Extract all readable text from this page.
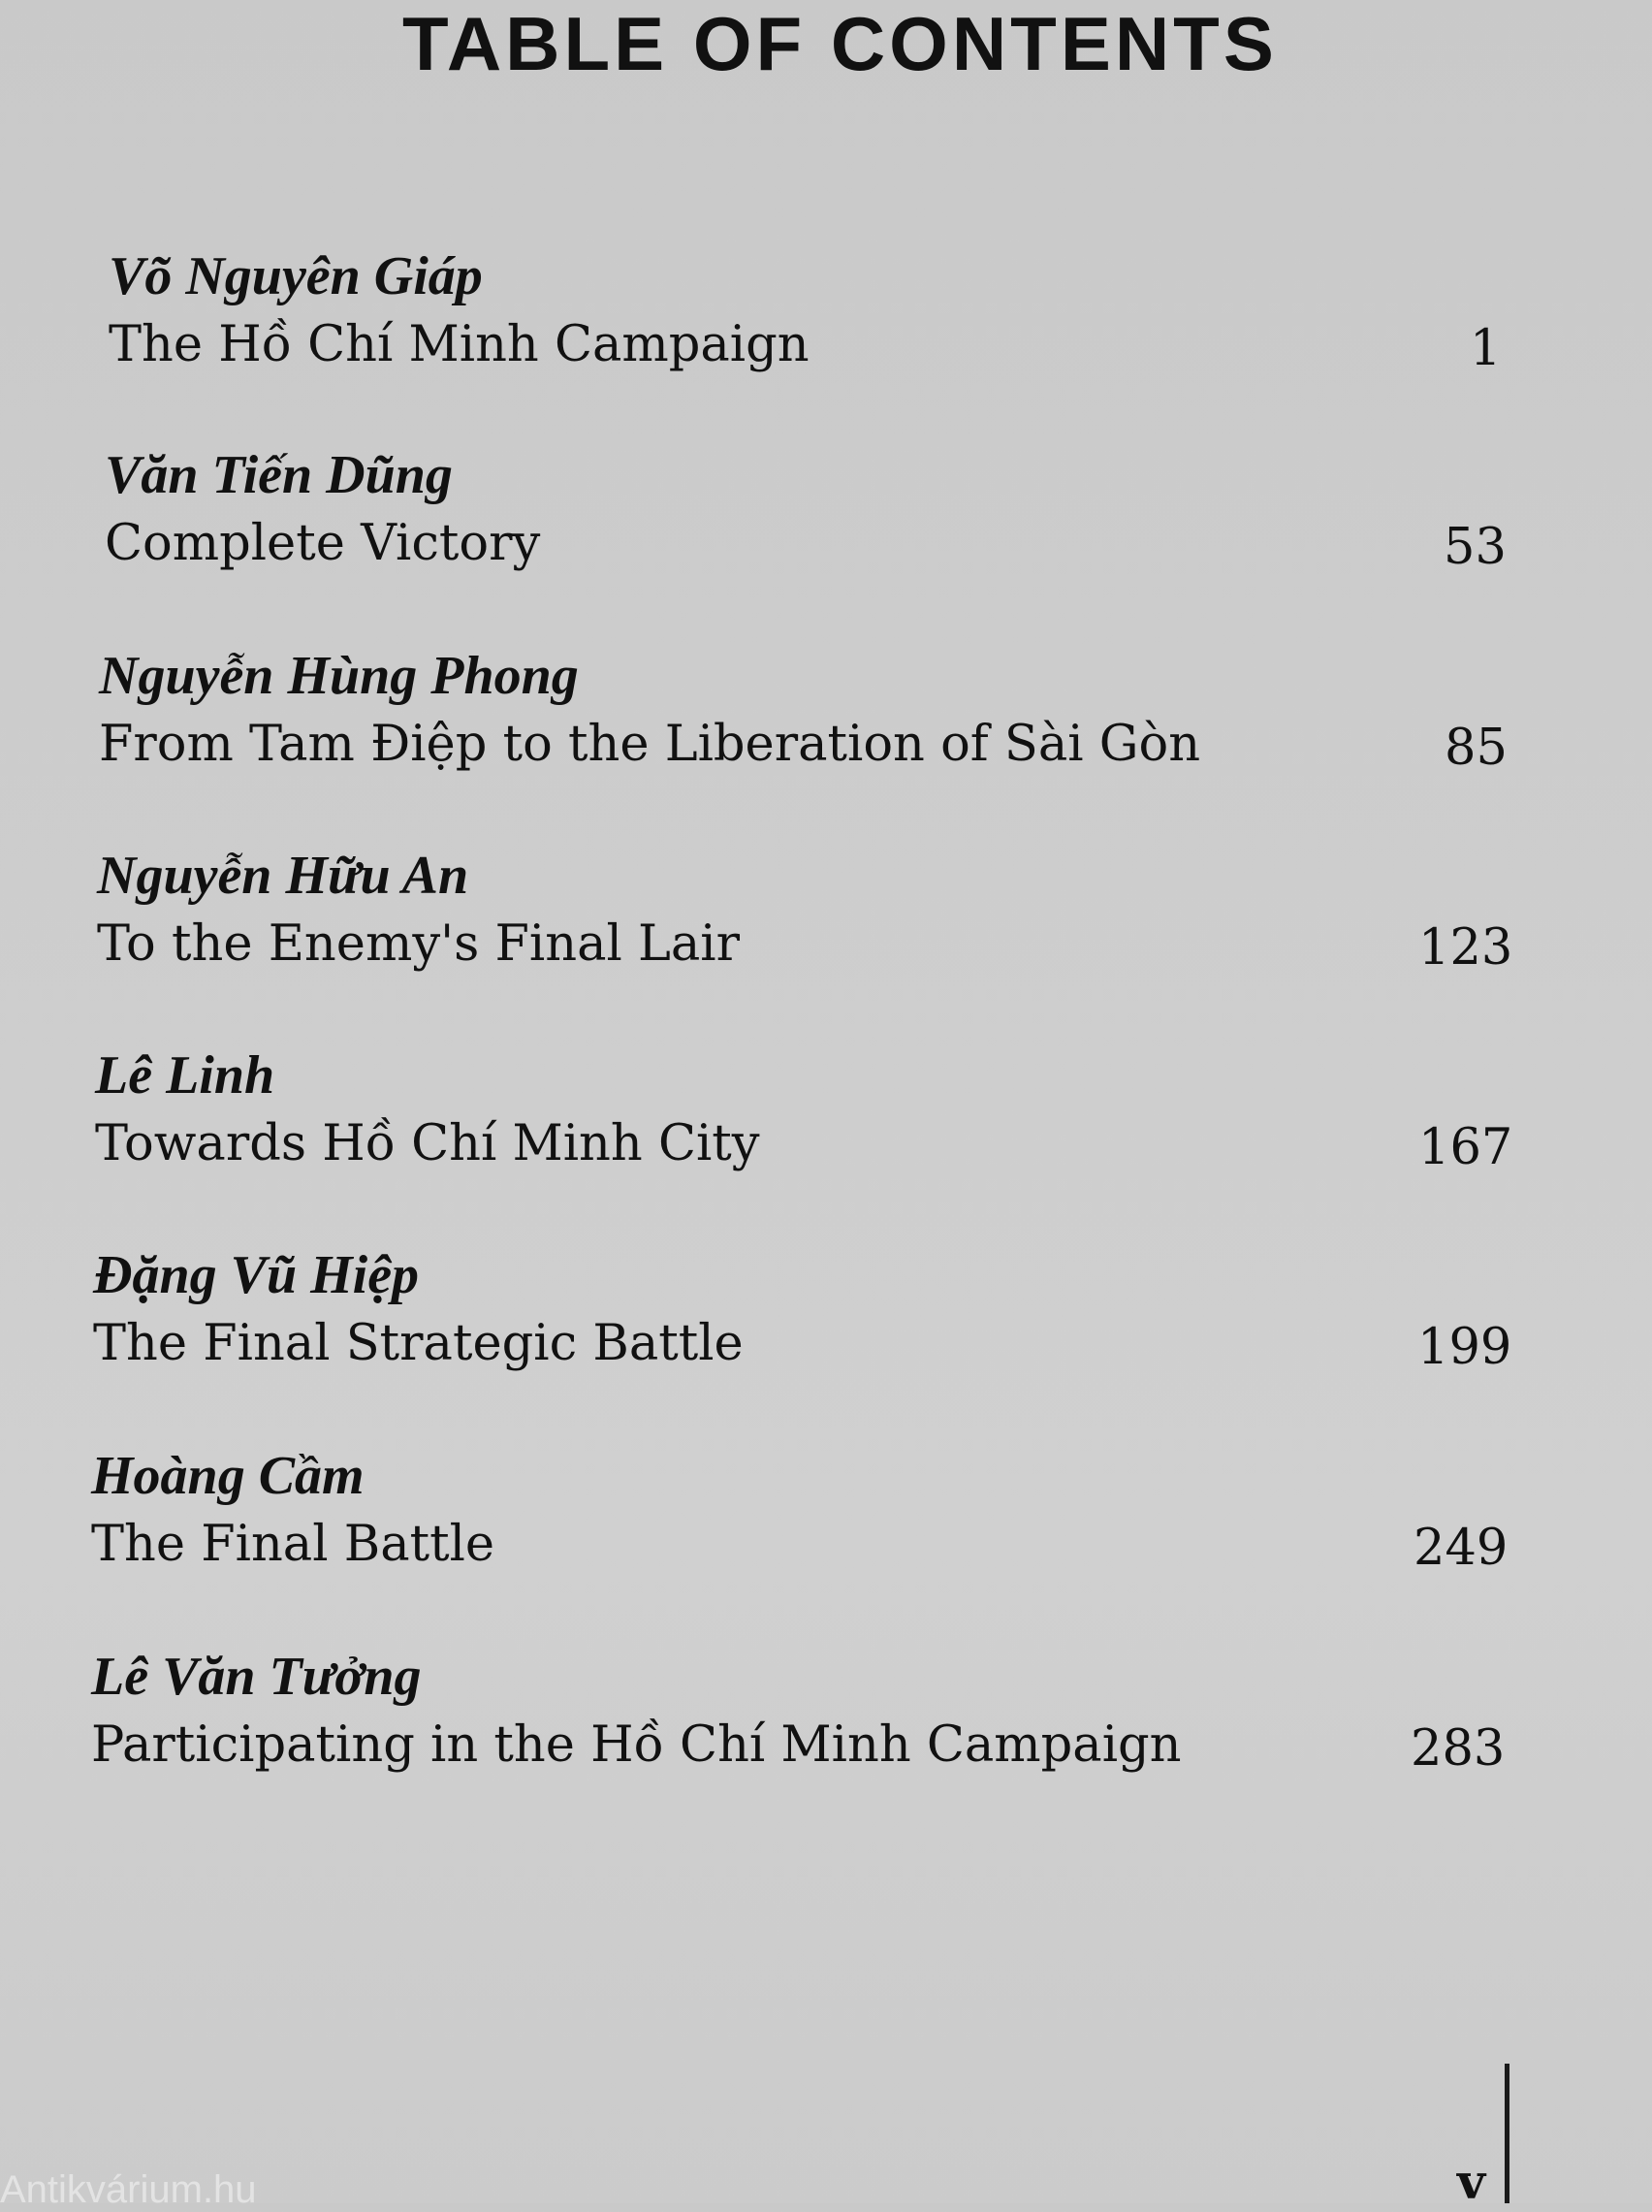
TABLE OF CONTENTS
Võ Nguyên Giáp
The Hồ Chí Minh Campaign	1
Văn Tiến Dũng
Complete Victory	53
Nguyễn Hùng Phong
From Tam Điệp to the Liberation of Sài Gòn	85
Nguyễn Hữu An
To the Enemy's Final Lair	123
Lê Linh
Towards Hồ Chí Minh City	167
Đặng Vũ Hiệp
The Final Strategic Battle	199
Hoàng Cầm
The Final Battle	249
Lê Văn Tưởng
Participating in the Hồ Chí Minh Campaign	283
v
Antikvárium.hu
